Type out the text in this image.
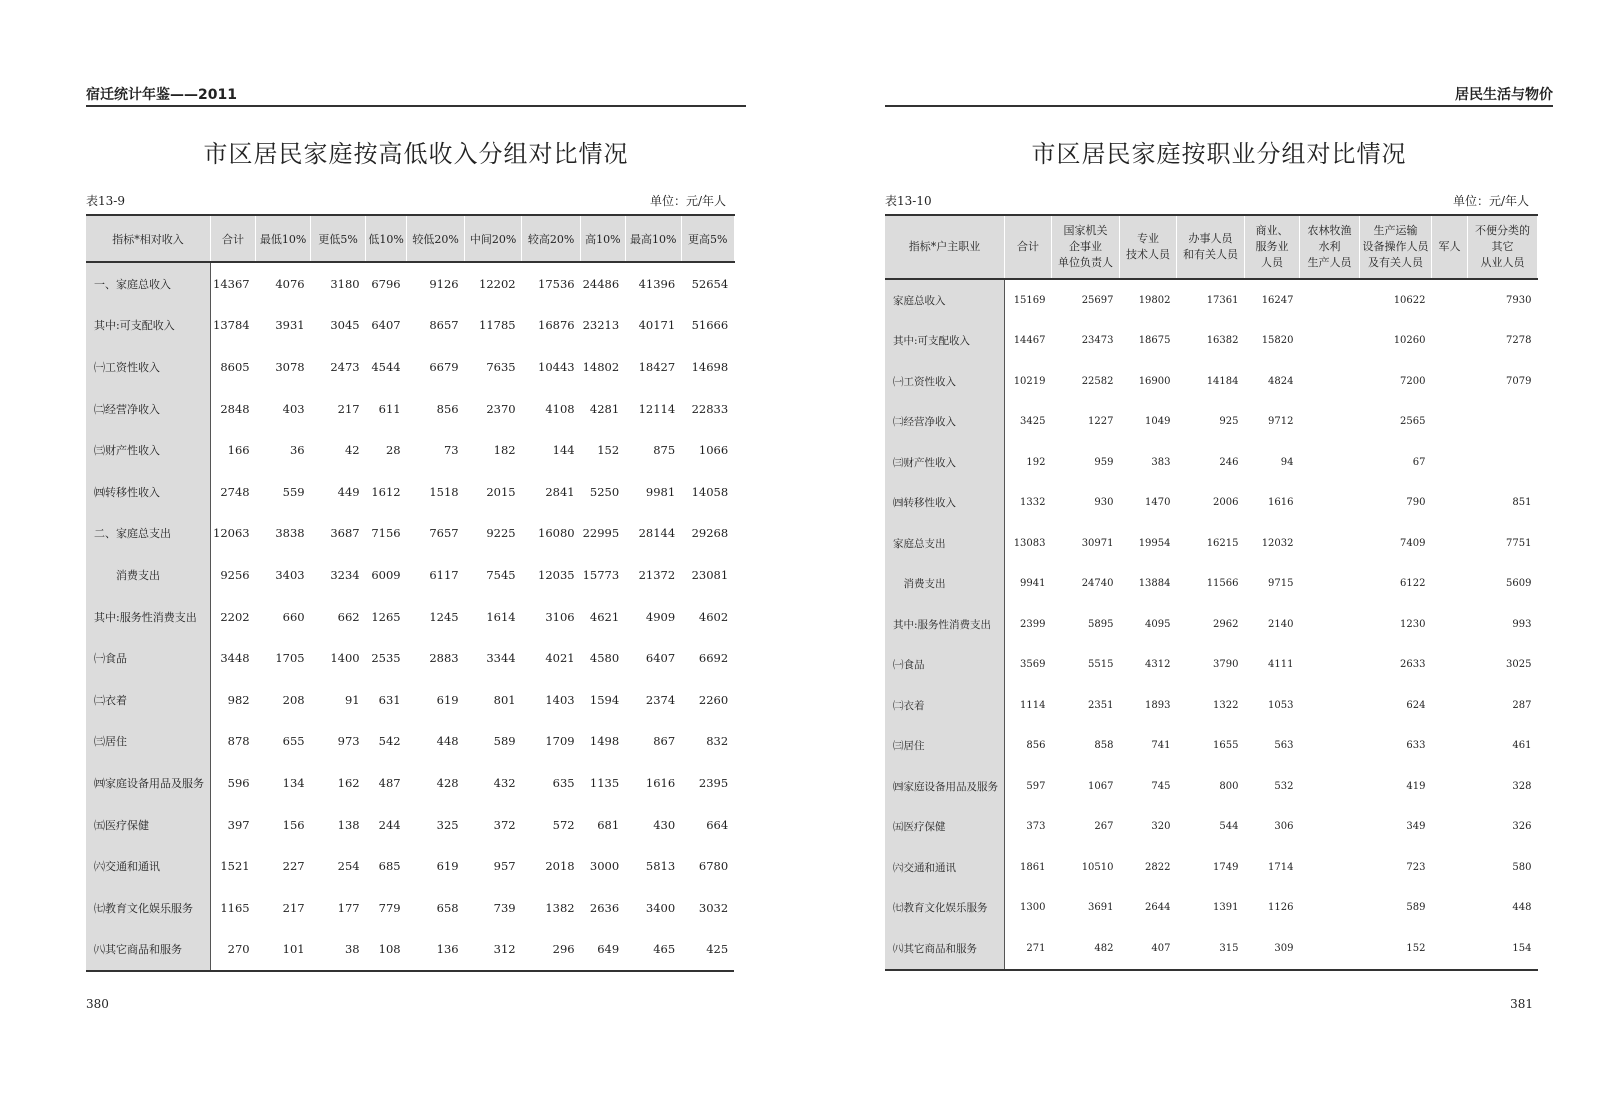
宿迁统计年鉴——2011
市区居民家庭按高低收入分组对比情况
表13-9	单位：元/年人
指标*相对收入	合计	最低10%	更低5%	低10%	较低20%	中间20%	较高20%	高10%	最高10%	更高5%
一、家庭总收入	14367	4076	3180	6796	9126	12202	17536	24486	41396	52654
其中:可支配收入	13784	3931	3045	6407	8657	11785	16876	23213	40171	51666
㈠工资性收入	8605	3078	2473	4544	6679	7635	10443	14802	18427	14698
㈡经营净收入	2848	403	217	611	856	2370	4108	4281	12114	22833
㈢财产性收入	166	36	42	28	73	182	144	152	875	1066
㈣转移性收入	2748	559	449	1612	1518	2015	2841	5250	9981	14058
二、家庭总支出	12063	3838	3687	7156	7657	9225	16080	22995	28144	29268
　　消费支出	9256	3403	3234	6009	6117	7545	12035	15773	21372	23081
其中:服务性消费支出	2202	660	662	1265	1245	1614	3106	4621	4909	4602
㈠食品	3448	1705	1400	2535	2883	3344	4021	4580	6407	6692
㈡衣着	982	208	91	631	619	801	1403	1594	2374	2260
㈢居住	878	655	973	542	448	589	1709	1498	867	832
㈣家庭设备用品及服务	596	134	162	487	428	432	635	1135	1616	2395
㈤医疗保健	397	156	138	244	325	372	572	681	430	664
㈥交通和通讯	1521	227	254	685	619	957	2018	3000	5813	6780
㈦教育文化娱乐服务	1165	217	177	779	658	739	1382	2636	3400	3032
㈧其它商品和服务	270	101	38	108	136	312	296	649	465	425
380
居民生活与物价
市区居民家庭按职业分组对比情况
表13-10	单位：元/年人
指标*户主职业	合计	国家机关
企事业
单位负责人	专业
技术人员	办事人员
和有关人员	商业、
服务业
人员	农林牧渔
水利
生产人员	生产运输
设备操作人员
及有关人员	军人	不便分类的
其它
从业人员
家庭总收入	15169	25697	19802	17361	16247		10622		7930
其中:可支配收入	14467	23473	18675	16382	15820		10260		7278
㈠工资性收入	10219	22582	16900	14184	4824		7200		7079
㈡经营净收入	3425	1227	1049	925	9712		2565		
㈢财产性收入	192	959	383	246	94		67		
㈣转移性收入	1332	930	1470	2006	1616		790		851
家庭总支出	13083	30971	19954	16215	12032		7409		7751
　消费支出	9941	24740	13884	11566	9715		6122		5609
其中:服务性消费支出	2399	5895	4095	2962	2140		1230		993
㈠食品	3569	5515	4312	3790	4111		2633		3025
㈡衣着	1114	2351	1893	1322	1053		624		287
㈢居住	856	858	741	1655	563		633		461
㈣家庭设备用品及服务	597	1067	745	800	532		419		328
㈤医疗保健	373	267	320	544	306		349		326
㈥交通和通讯	1861	10510	2822	1749	1714		723		580
㈦教育文化娱乐服务	1300	3691	2644	1391	1126		589		448
㈧其它商品和服务	271	482	407	315	309		152		154
381
